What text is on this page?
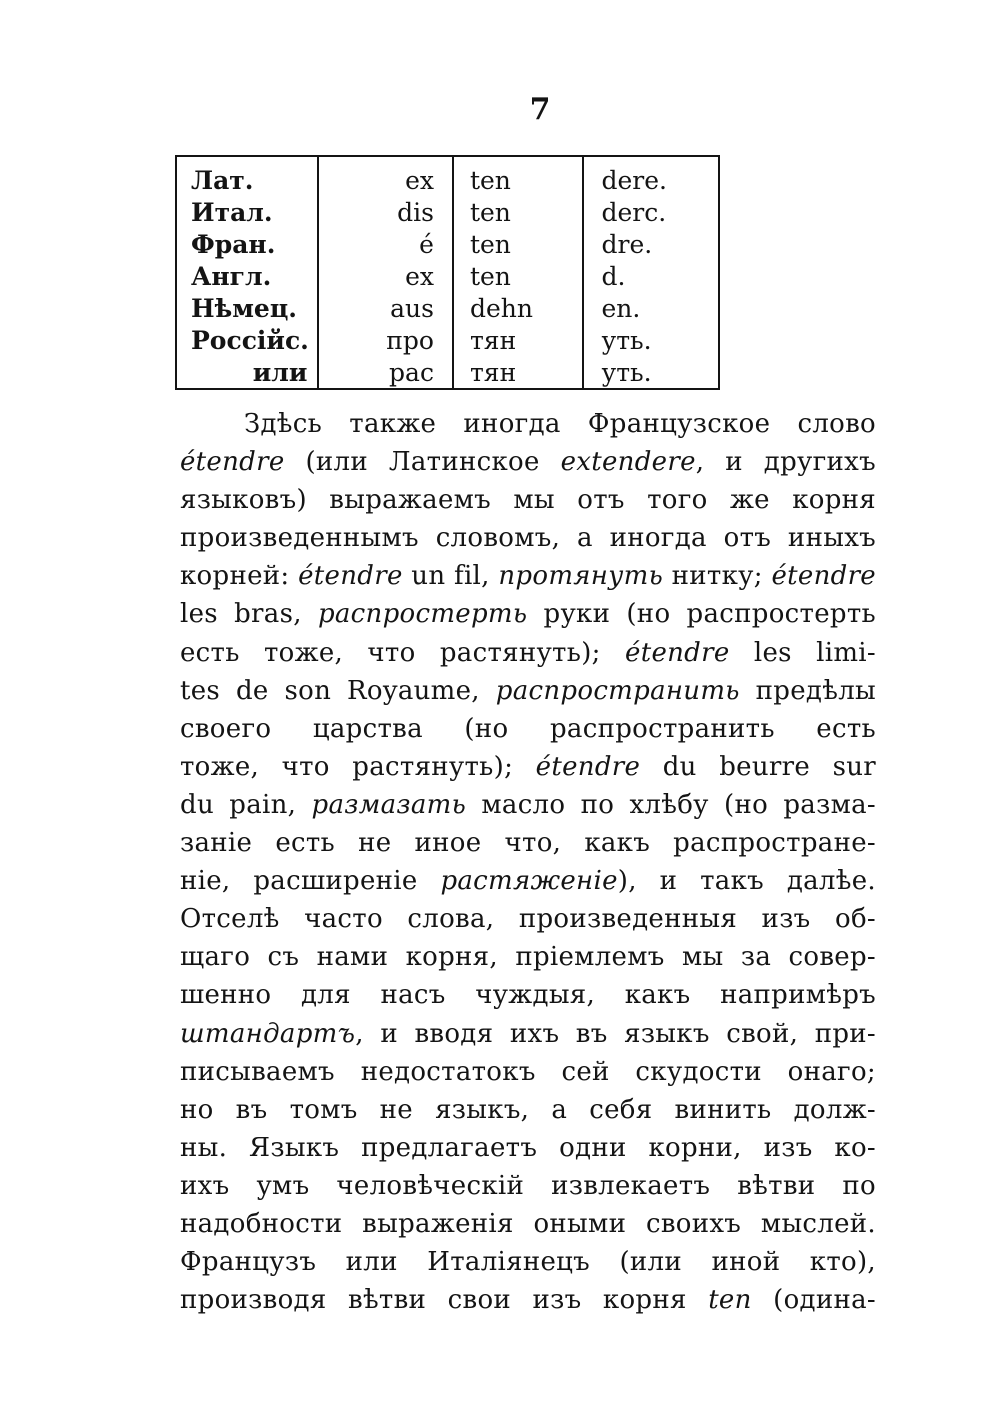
7
Лат.
Итал.
Фран.
Англ.
Нѣмец.
Россійс.
или
ex
dis
é
ex
aus
про
рас
ten
ten
ten
ten
dehn
тян
тян
dere.
derc.
dre.
d.
en.
уть.
уть.
Здѣсь также иногда Французское слово
étendre (или Латинское extendere, и другихъ
языковъ) выражаемъ мы отъ того же корня
произведеннымъ словомъ, а иногда отъ иныхъ
корней: étendre un fil, протянуть нитку; étendre
les bras, распростерть руки (но распростерть
есть тоже, что растянуть); étendre les limi-
tes de son Royaume, распространить предѣлы
своего царства (но распространить есть
тоже, что растянуть); étendre du beurre sur
du pain, размазать масло по хлѣбу (но разма-
заніе есть не иное что, какъ распростране-
ніе, расширеніе растяженіе), и такъ далѣе.
Отселѣ часто слова, произведенныя изъ об-
щаго съ нами корня, пріемлемъ мы за совер-
шенно для насъ чуждыя, какъ напримѣръ
штандартъ, и вводя ихъ въ языкъ свой, при-
писываемъ недостатокъ сей скудости онаго;
но въ томъ не языкъ, а себя винить долж-
ны. Языкъ предлагаетъ одни корни, изъ ко-
ихъ умъ человѣческій извлекаетъ вѣтви по
надобности выраженія оными своихъ мыслей.
Французъ или Италіянецъ (или иной кто),
производя вѣтви свои изъ корня ten (одина-
